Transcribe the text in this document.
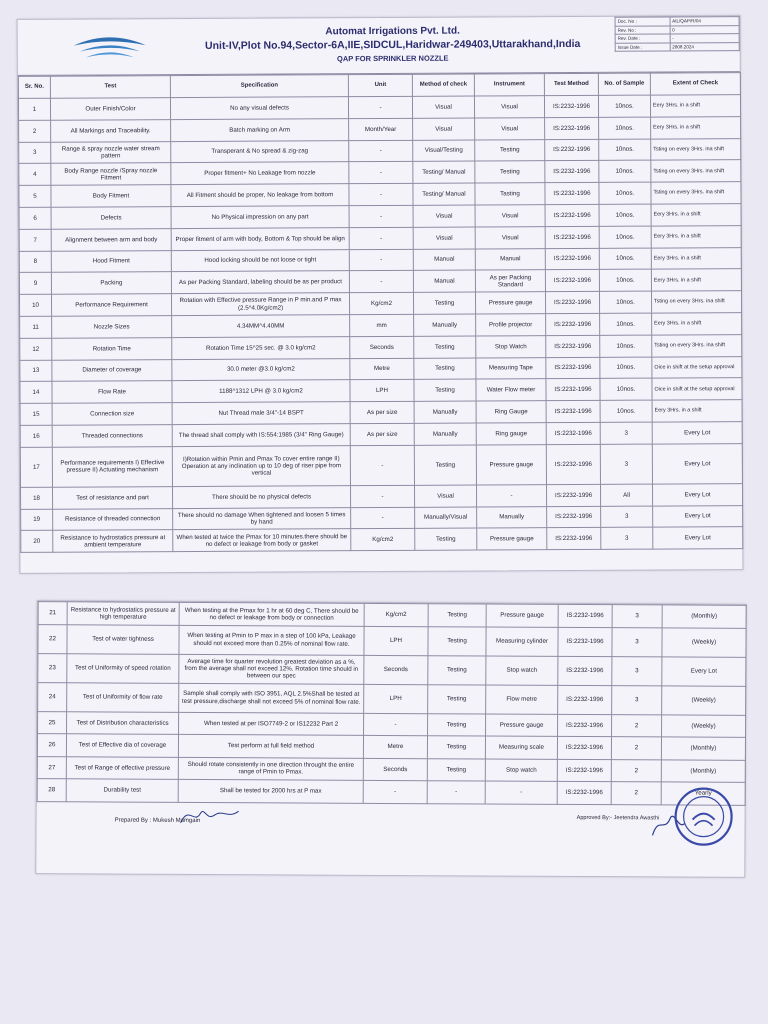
Automat Irrigations Pvt. Ltd.
Unit-IV,Plot No.94,Sector-6A,IIE,SIDCUL,Haridwar-249403,Uttarakhand,India
QAP FOR SPRINKLER NOZZLE
Doc. No :	AIL/QAP/R/04
Rev. No :	0
Rev. Date :	-
Issue Date :	2808.2024
Sr. No.	Test	Specification	Unit	Method of check	Instrument	Test Method	No. of Sample	Extent of Check
1	Outer Finish/Color	No any visual defects	-	Visual	Visual	IS:2232-1996	10nos.	Eery 3Hrs. in a shift
2	All Markings and Traceability.	Batch marking on Arm	Month/Year	Visual	Visual	IS:2232-1996	10nos.	Eery 3Hrs. in a shift
3	Range & spray nozzle water stream pattern	Transperant & No spread & zig-zag	-	Visual/Testing	Testing	IS:2232-1996	10nos.	Tsting on every 3Hrs. ina shift
4	Body Range nozzle /Spray nozzle Fitment	Proper fitment+ No Leakage from nozzle	-	Testing/ Manual	Testing	IS:2232-1996	10nos.	Tsting on every 3Hrs. ina shift
5	Body Fitment	All Fitment should be proper, No leakage from bottom	-	Testing/ Manual	Tasting	IS:2232-1996	10nos.	Tsting on every 3Hrs. ina shift
6	Defects	No Physical impression on any part	-	Visual	Visual	IS:2232-1996	10nos.	Eery 3Hrs. in a shift
7	Alignment between arm and body	Proper fitment of arm with body, Bottom & Top should be align	-	Visual	Visual	IS:2232-1996	10nos.	Eery 3Hrs. in a shift
8	Hood Fitment	Hood locking should be not loose or tight	-	Manual	Manual	IS:2232-1996	10nos.	Eery 3Hrs. in a shift
9	Packing	As per Packing Standard, labeling should be as per product	-	Manual	As per Packing Standard	IS:2232-1996	10nos.	Eery 3Hrs. in a shift
10	Performance Requirement	Rotation with Effective pressure Range in P min.and P max (2.5^4.0Kg/cm2)	Kg/cm2	Testing	Pressure gauge	IS:2232-1996	10nos.	Tsting on every 3Hrs. ina shift
11	Nozzle Sizes	4.34MM^4.40MM	mm	Manually	Profile projector	IS:2232-1996	10nos.	Eery 3Hrs. in a shift
12	Rotation Time	Rotation Time 15^25 sec. @ 3.0 kg/cm2	Seconds	Testing	Stop Watch	IS:2232-1996	10nos.	Tsting on every 3Hrs. ina shift
13	Diameter of coverage	30.0 meter @3.0 kg/cm2	Metre	Testing	Measuring Tape	IS:2232-1996	10nos.	Oice in shift at the setup approval
14	Flow Rate	1188^1312 LPH @ 3.0 kg/cm2	LPH	Testing	Water Flow meter	IS:2232-1996	10nos.	Oice in shift at the setup approval
15	Connection size	Nut Thread male 3/4"-14 BSPT	As per size	Manually	Ring Gauge	IS:2232-1996	10nos.	Eery 3Hrs. in a shift
16	Threaded connections	The thread shall comply with IS:554:1985 (3/4" Ring Gauge)	As per size	Manually	Ring gauge	IS:2232-1996	3	Every Lot
17	Performance requirements I) Effective pressure II) Actuating mechanism	I)Rotation within Pmin and Pmax To cover entire range II) Operation at any inclination up to 10 deg of riser pipe from vertical	-	Testing	Pressure gauge	IS:2232-1996	3	Every Lot
18	Test of resistance and part	There should be no physical defects	-	Visual	-	IS:2232-1996	All	Every Lot
19	Resistance of threaded connection	There should no damage When tightened and loosen 5 times by hand	-	Manually/Visual	Manually	IS:2232-1996	3	Every Lot
20	Resistance to hydrostatics pressure at ambient temperature	When tested at twice the Pmax for 10 minutes.there should be no defect or leakage from body or gasket	Kg/cm2	Testing	Pressure gauge	IS:2232-1996	3	Every Lot
21	Resistance to hydrostatics pressure at high temperature	When testing at the Pmax for 1 hr at 60 deg C, There should be no defect or leakage from body or connection	Kg/cm2	Testing	Pressure gauge	IS:2232-1996	3	(Monthly)
22	Test of water tightness	When testing at Pmin to P max in a step of 100 kPa, Leakage should not exceed more than 0.25% of nominal flow rate.	LPH	Testing	Measuring cylinder	IS:2232-1996	3	(Weekly)
23	Test of Uniformity of speed rotation	Average time for quarter revolution greatest deviation as a %, from the average shall not exceed 12%. Rotation time should in between our spec	Seconds	Testing	Stop watch	IS:2232-1996	3	Every Lot
24	Test of Uniformity of flow rate	Sample shall comply with ISO 3951, AQL 2.5%Shall be tested at test pressure,discharge shall not exceed 5% of nominal flow rate.	LPH	Testing	Flow metre	IS:2232-1996	3	(Weekly)
25	Test of Distribution characteristics	When tested at per ISO7749-2 or IS12232 Part 2	-	Testing	Pressure gauge	IS:2232-1996	2	(Weekly)
26	Test of Effective dia of coverage	Test perform at full field method	Metre	Testing	Measuring scale	IS:2232-1996	2	(Monthly)
27	Test of Range of effective pressure	Should rotate consistently in one direction throught the entire range of Pmin to Pmax.	Seconds	Testing	Stop watch	IS:2232-1996	2	(Monthly)
28	Durability test	Shall be tested for 2000 hrs at P max	-	-	-	IS:2232-1996	2	Yearly
Prepared By : Mukesh Mamgain	Approved By:- Jeetendra Awasthi
